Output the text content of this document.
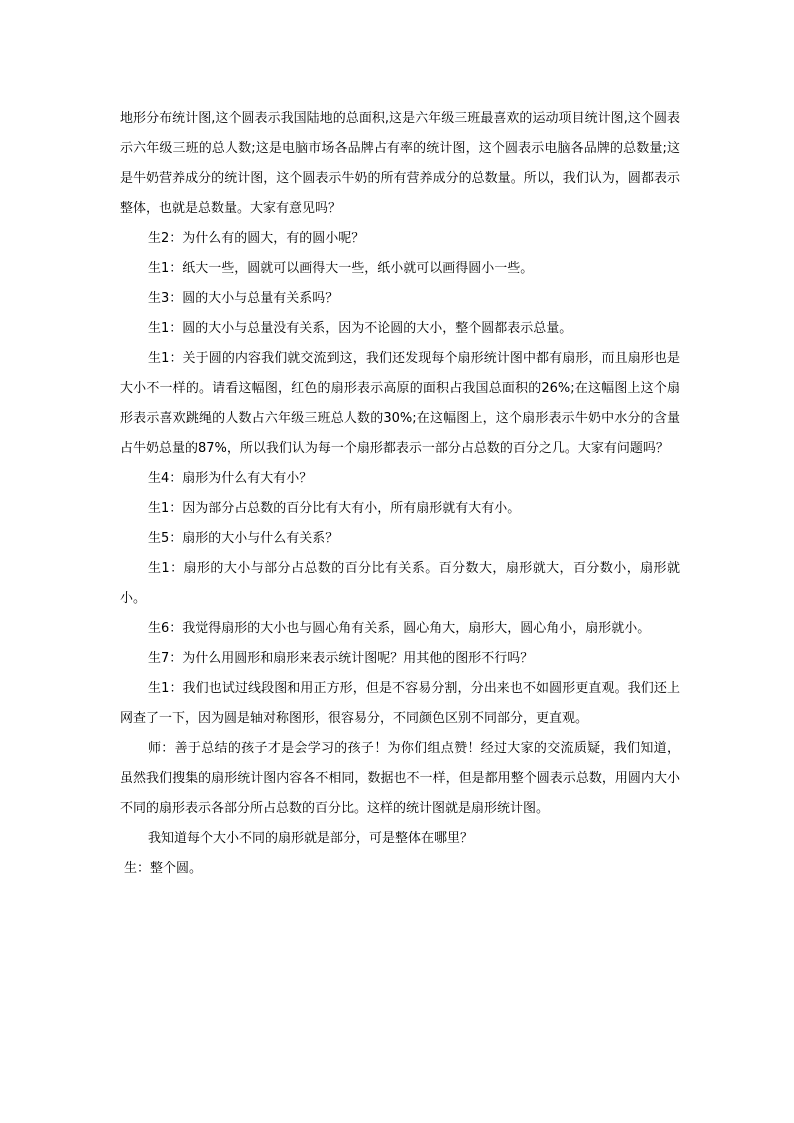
地形分布统计图,这个圆表示我国陆地的总面积,这是六年级三班最喜欢的运动项目统计图,这个圆表示六年级三班的总人数;这是电脑市场各品牌占有率的统计图，这个圆表示电脑各品牌的总数量;这是牛奶营养成分的统计图，这个圆表示牛奶的所有营养成分的总数量。所以，我们认为，圆都表示整体，也就是总数量。大家有意见吗？

生2：为什么有的圆大，有的圆小呢？

生1：纸大一些，圆就可以画得大一些，纸小就可以画得圆小一些。

生3：圆的大小与总量有关系吗？

生1：圆的大小与总量没有关系，因为不论圆的大小，整个圆都表示总量。

生1：关于圆的内容我们就交流到这，我们还发现每个扇形统计图中都有扇形，而且扇形也是大小不一样的。请看这幅图，红色的扇形表示高原的面积占我国总面积的26%;在这幅图上这个扇形表示喜欢跳绳的人数占六年级三班总人数的30%;在这幅图上，这个扇形表示牛奶中水分的含量占牛奶总量的87%，所以我们认为每一个扇形都表示一部分占总数的百分之几。大家有问题吗？

生4：扇形为什么有大有小？

生1：因为部分占总数的百分比有大有小，所有扇形就有大有小。

生5：扇形的大小与什么有关系？

生1：扇形的大小与部分占总数的百分比有关系。百分数大，扇形就大，百分数小，扇形就小。

生6：我觉得扇形的大小也与圆心角有关系，圆心角大，扇形大，圆心角小，扇形就小。

生7：为什么用圆形和扇形来表示统计图呢？用其他的图形不行吗？

生1：我们也试过线段图和用正方形，但是不容易分割，分出来也不如圆形更直观。我们还上网查了一下，因为圆是轴对称图形，很容易分，不同颜色区别不同部分，更直观。

师：善于总结的孩子才是会学习的孩子！为你们组点赞！经过大家的交流质疑，我们知道，虽然我们搜集的扇形统计图内容各不相同，数据也不一样，但是都用整个圆表示总数，用圆内大小不同的扇形表示各部分所占总数的百分比。这样的统计图就是扇形统计图。

我知道每个大小不同的扇形就是部分，可是整体在哪里？

生：整个圆。
